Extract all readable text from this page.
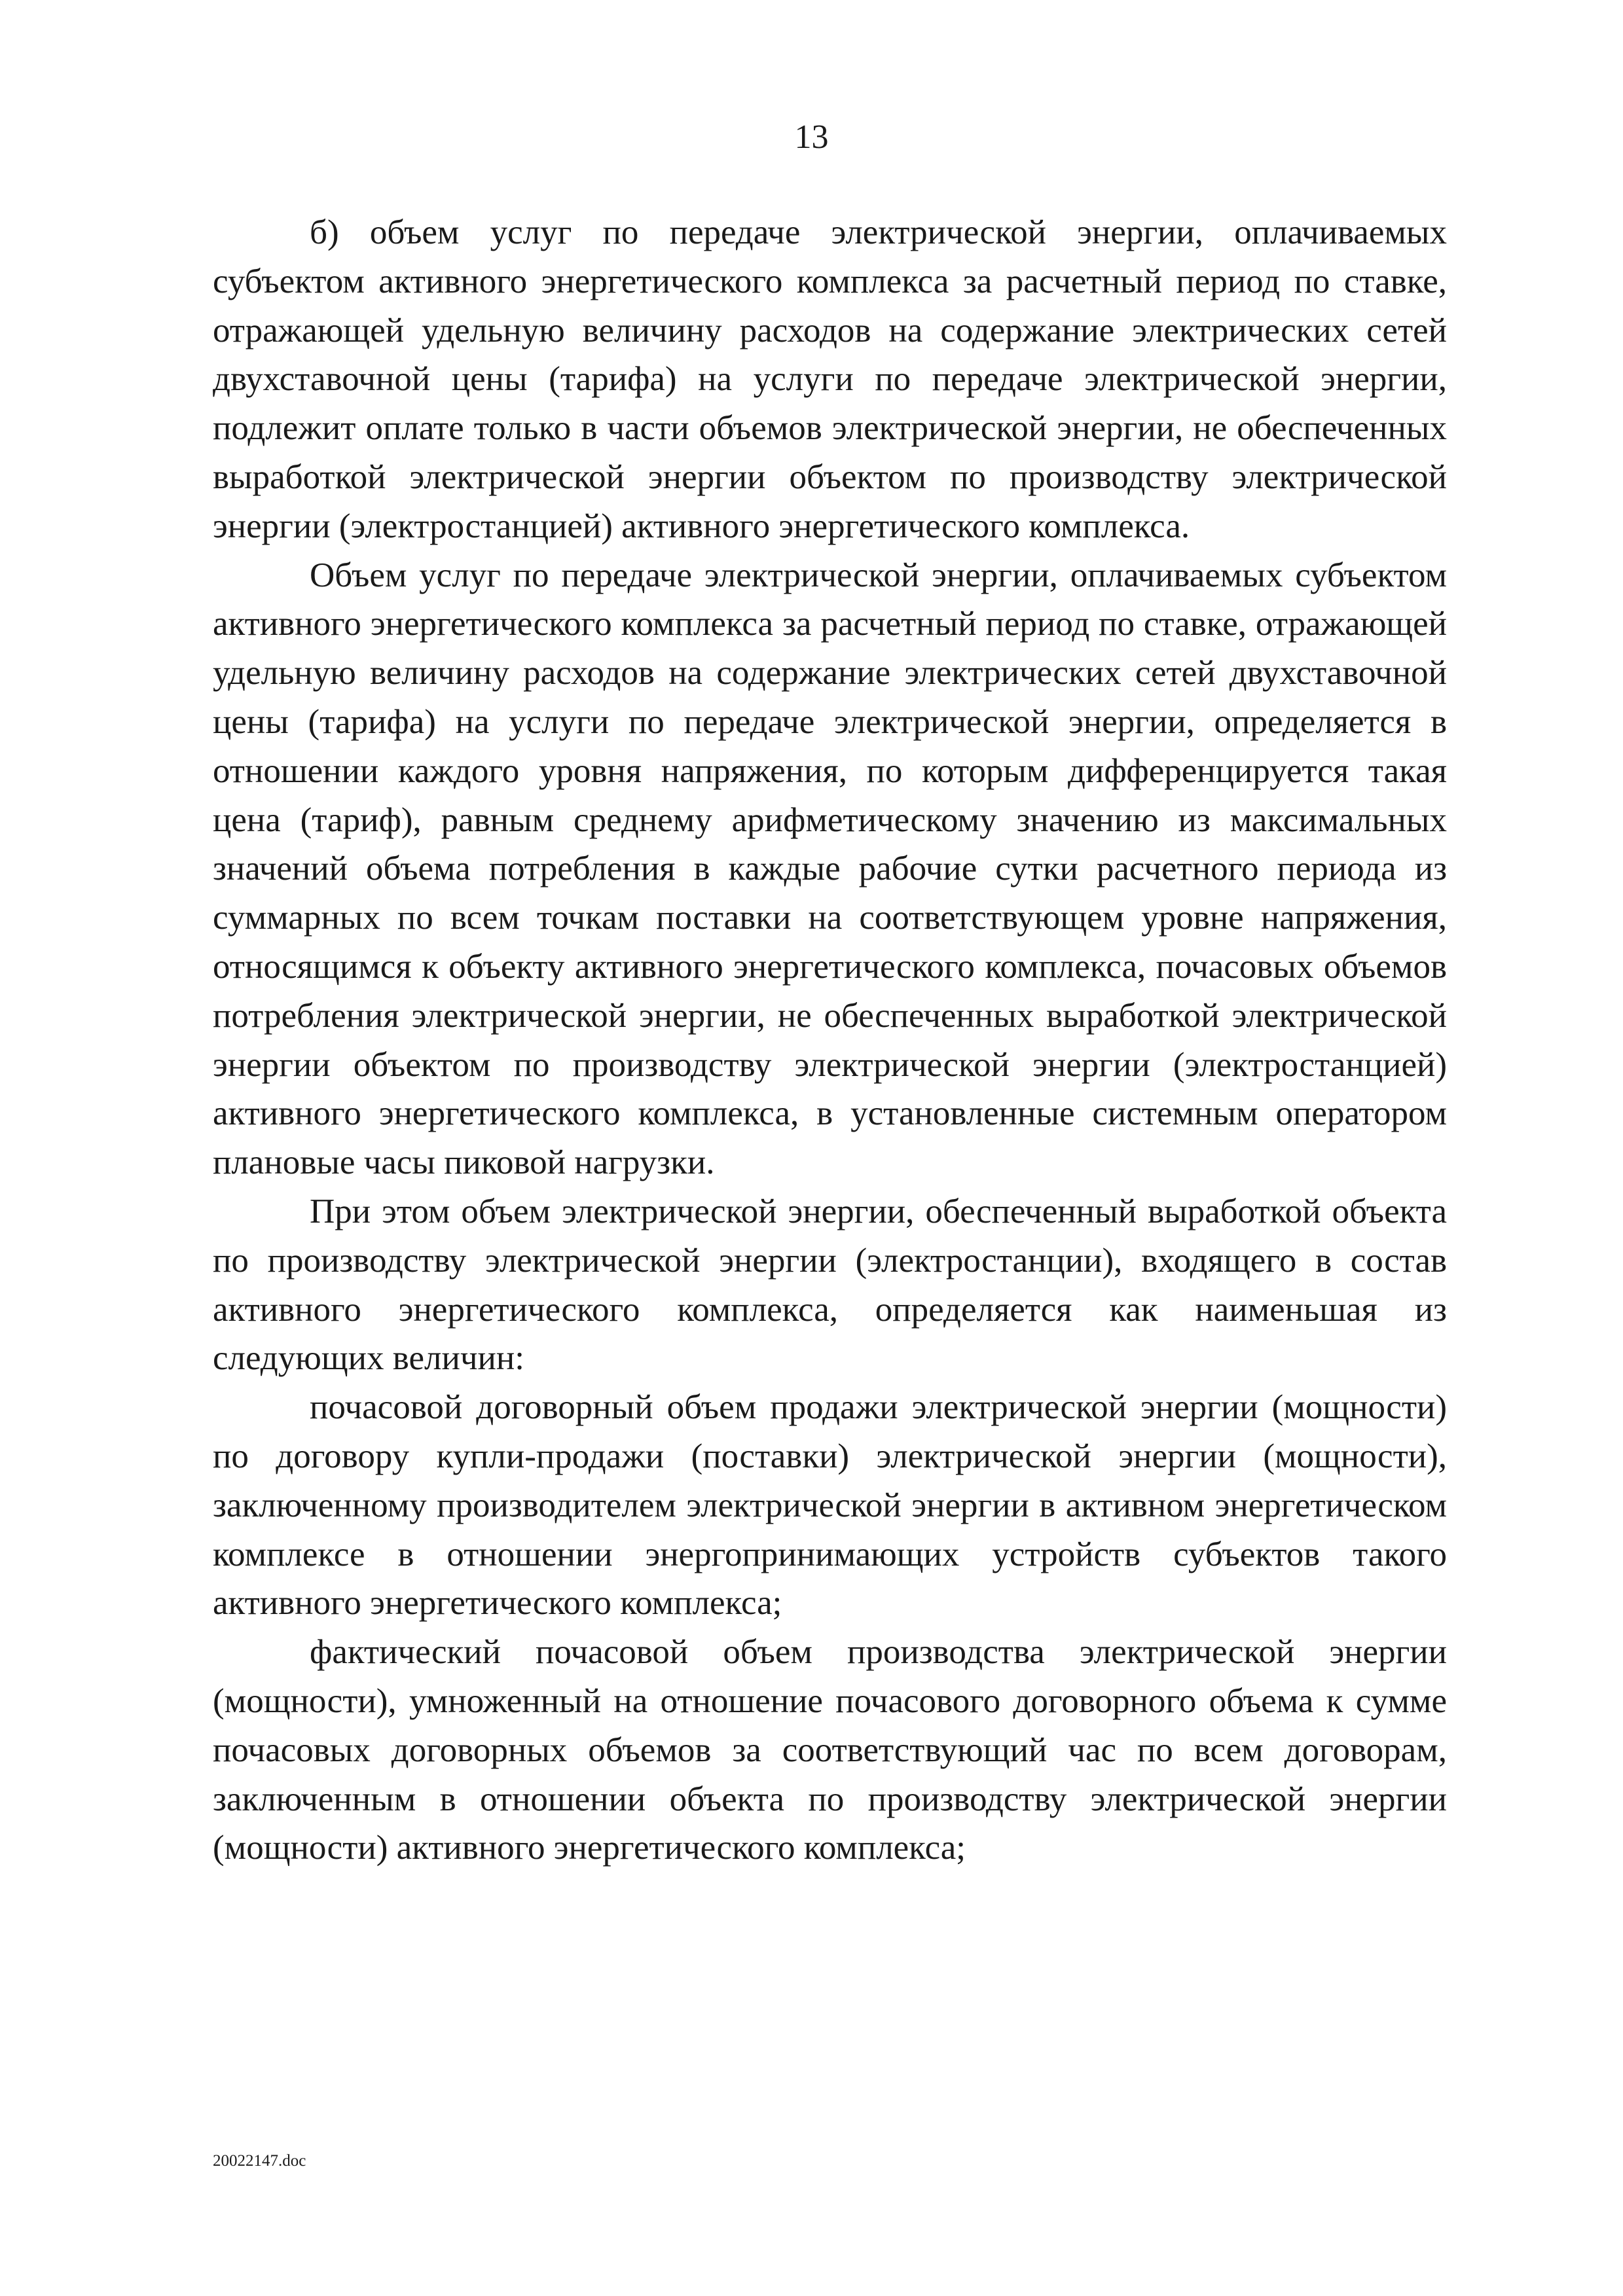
13

б) объем услуг по передаче электрической энергии, оплачиваемых субъектом активного энергетического комплекса за расчетный период по ставке, отражающей удельную величину расходов на содержание электрических сетей двухставочной цены (тарифа) на услуги по передаче электрической энергии, подлежит оплате только в части объемов электрической энергии, не обеспеченных выработкой электрической энергии объектом по производству электрической энергии (электростанцией) активного энергетического комплекса.

Объем услуг по передаче электрической энергии, оплачиваемых субъектом активного энергетического комплекса за расчетный период по ставке, отражающей удельную величину расходов на содержание электрических сетей двухставочной цены (тарифа) на услуги по передаче электрической энергии, определяется в отношении каждого уровня напряжения, по которым дифференцируется такая цена (тариф), равным среднему арифметическому значению из максимальных значений объема потребления в каждые рабочие сутки расчетного периода из суммарных по всем точкам поставки на соответствующем уровне напряжения, относящимся к объекту активного энергетического комплекса, почасовых объемов потребления электрической энергии, не обеспеченных выработкой электрической энергии объектом по производству электрической энергии (электростанцией) активного энергетического комплекса, в установленные системным оператором плановые часы пиковой нагрузки.

При этом объем электрической энергии, обеспеченный выработкой объекта по производству электрической энергии (электростанции), входящего в состав активного энергетического комплекса, определяется как наименьшая из следующих величин:

почасовой договорный объем продажи электрической энергии (мощности) по договору купли-продажи (поставки) электрической энергии (мощности), заключенному производителем электрической энергии в активном энергетическом комплексе в отношении энергопринимающих устройств субъектов такого активного энергетического комплекса;

фактический почасовой объем производства электрической энергии (мощности), умноженный на отношение почасового договорного объема к сумме почасовых договорных объемов за соответствующий час по всем договорам, заключенным в отношении объекта по производству электрической энергии (мощности) активного энергетического комплекса;

20022147.doc
